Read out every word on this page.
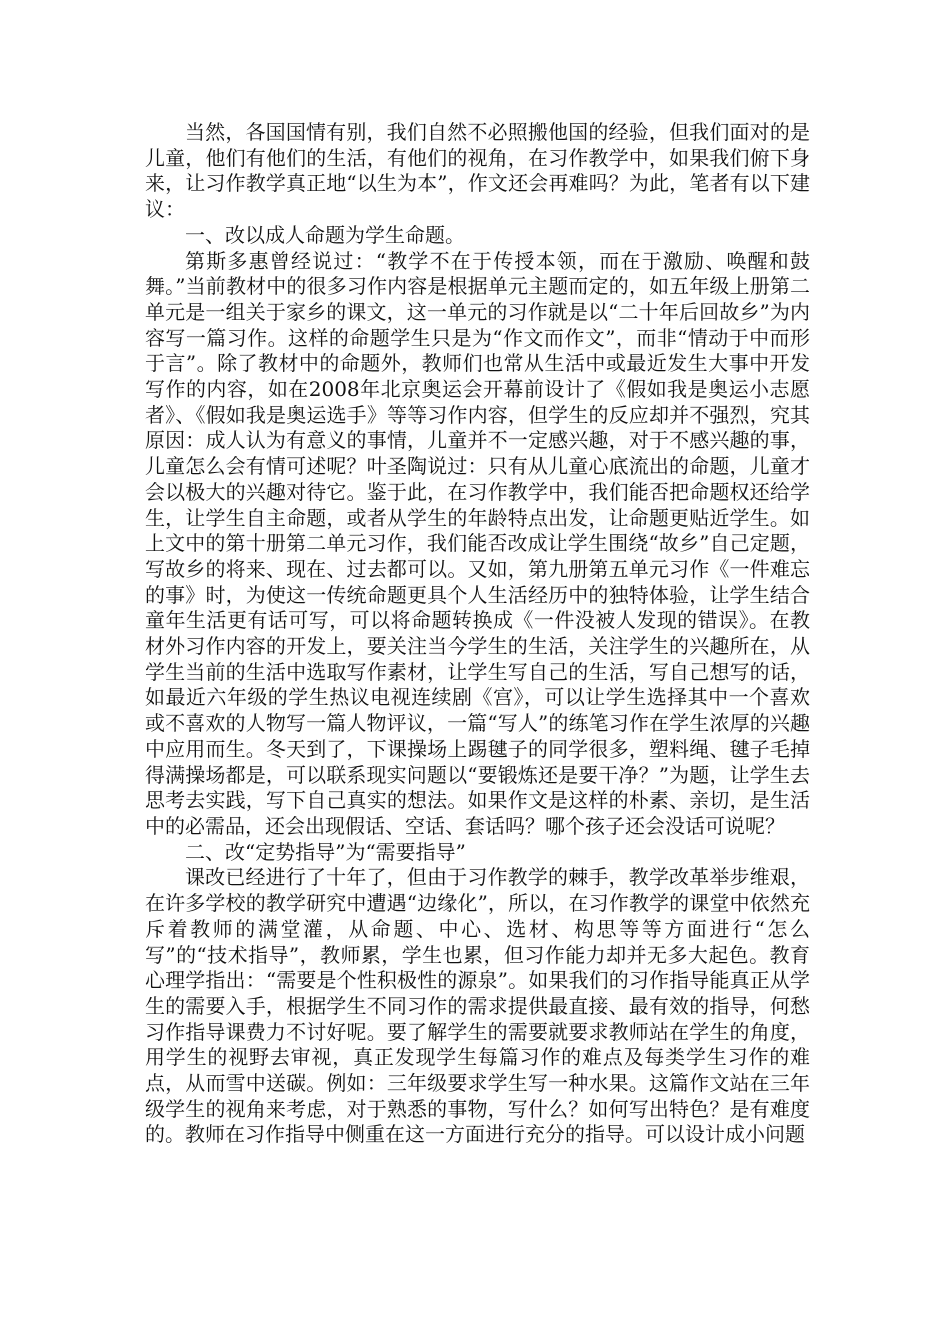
当然，各国国情有别，我们自然不必照搬他国的经验，但我们面对的是儿童，他们有他们的生活，有他们的视角，在习作教学中，如果我们俯下身来，让习作教学真正地“以生为本”，作文还会再难吗？为此，笔者有以下建议：

一、改以成人命题为学生命题。

第斯多惠曾经说过：“教学不在于传授本领，而在于激励、唤醒和鼓舞。”当前教材中的很多习作内容是根据单元主题而定的，如五年级上册第二单元是一组关于家乡的课文，这一单元的习作就是以“二十年后回故乡”为内容写一篇习作。这样的命题学生只是为“作文而作文”，而非“情动于中而形于言”。除了教材中的命题外，教师们也常从生活中或最近发生大事中开发写作的内容，如在2008年北京奥运会开幕前设计了《假如我是奥运小志愿者》、《假如我是奥运选手》等等习作内容，但学生的反应却并不强烈，究其原因：成人认为有意义的事情，儿童并不一定感兴趣，对于不感兴趣的事，儿童怎么会有情可述呢？叶圣陶说过：只有从儿童心底流出的命题，儿童才会以极大的兴趣对待它。鉴于此，在习作教学中，我们能否把命题权还给学生，让学生自主命题，或者从学生的年龄特点出发，让命题更贴近学生。如上文中的第十册第二单元习作，我们能否改成让学生围绕“故乡”自己定题，写故乡的将来、现在、过去都可以。又如，第九册第五单元习作《一件难忘的事》时，为使这一传统命题更具个人生活经历中的独特体验，让学生结合童年生活更有话可写，可以将命题转换成《一件没被人发现的错误》。在教材外习作内容的开发上，要关注当今学生的生活，关注学生的兴趣所在，从学生当前的生活中选取写作素材，让学生写自己的生活，写自己想写的话，如最近六年级的学生热议电视连续剧《宫》，可以让学生选择其中一个喜欢或不喜欢的人物写一篇人物评议，一篇“写人”的练笔习作在学生浓厚的兴趣中应用而生。冬天到了，下课操场上踢毽子的同学很多，塑料绳、毽子毛掉得满操场都是，可以联系现实问题以“要锻炼还是要干净？”为题，让学生去思考去实践，写下自己真实的想法。如果作文是这样的朴素、亲切，是生活中的必需品，还会出现假话、空话、套话吗？哪个孩子还会没话可说呢？

二、改“定势指导”为“需要指导”

课改已经进行了十年了，但由于习作教学的棘手，教学改革举步维艰，在许多学校的教学研究中遭遇“边缘化”，所以，在习作教学的课堂中依然充斥着教师的满堂灌，从命题、中心、选材、构思等等方面进行“怎么写”的“技术指导”，教师累，学生也累，但习作能力却并无多大起色。教育心理学指出：“需要是个性积极性的源泉”。如果我们的习作指导能真正从学生的需要入手，根据学生不同习作的需求提供最直接、最有效的指导，何愁习作指导课费力不讨好呢。要了解学生的需要就要求教师站在学生的角度，用学生的视野去审视，真正发现学生每篇习作的难点及每类学生习作的难点，从而雪中送碳。例如：三年级要求学生写一种水果。这篇作文站在三年级学生的视角来考虑，对于熟悉的事物，写什么？如何写出特色？是有难度的。教师在习作指导中侧重在这一方面进行充分的指导。可以设计成小问题
